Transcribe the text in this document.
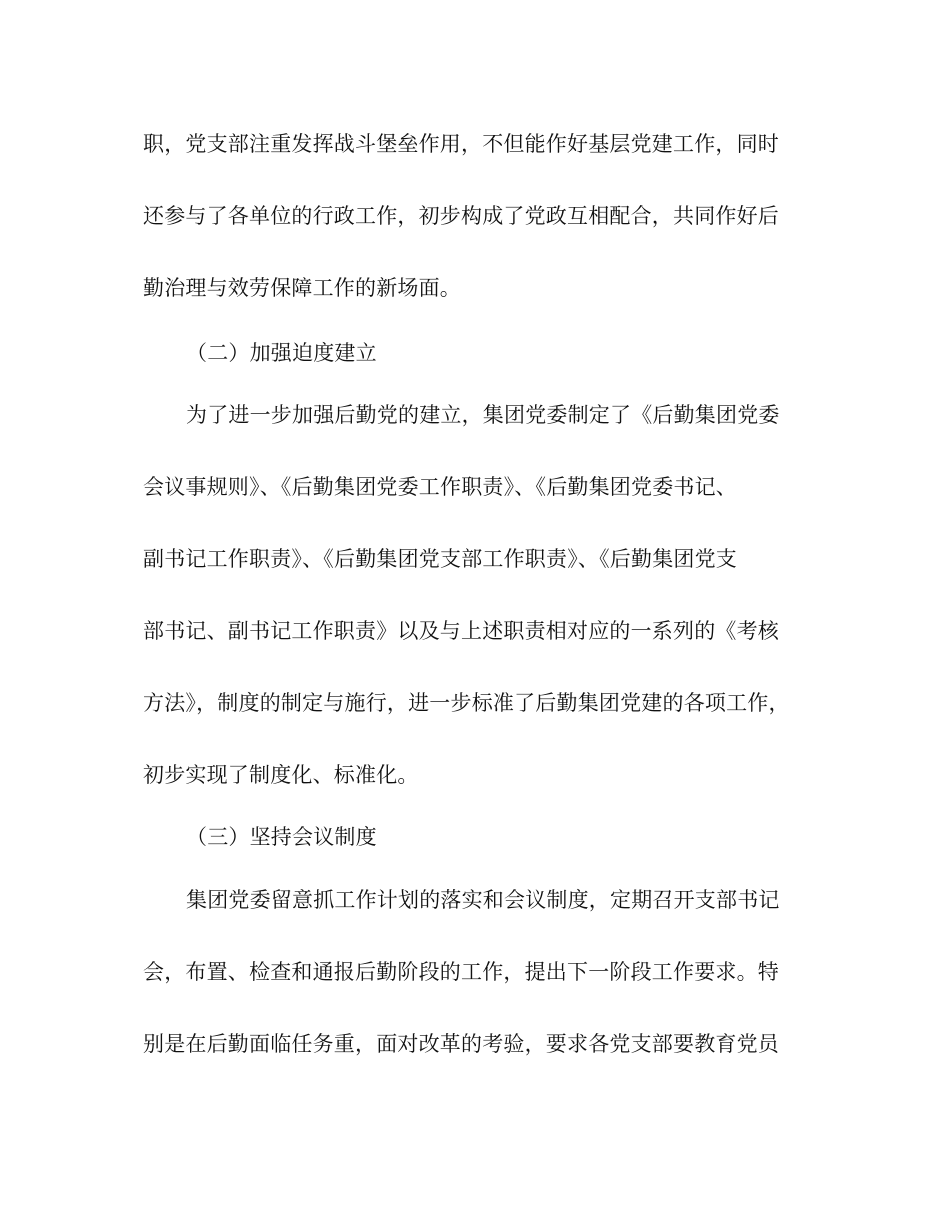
职，党支部注重发挥战斗堡垒作用，不但能作好基层党建工作，同时
还参与了各单位的行政工作，初步构成了党政互相配合，共同作好后
勤治理与效劳保障工作的新场面。
（二）加强迫度建立
为了进一步加强后勤党的建立，集团党委制定了《后勤集团党委
会议事规则》、《后勤集团党委工作职责》、《后勤集团党委书记、
副书记工作职责》、《后勤集团党支部工作职责》、《后勤集团党支
部书记、副书记工作职责》以及与上述职责相对应的一系列的《考核
方法》，制度的制定与施行，进一步标准了后勤集团党建的各项工作，
初步实现了制度化、标准化。
（三）坚持会议制度
集团党委留意抓工作计划的落实和会议制度，定期召开支部书记
会，布置、检查和通报后勤阶段的工作，提出下一阶段工作要求。特
别是在后勤面临任务重，面对改革的考验，要求各党支部要教育党员
